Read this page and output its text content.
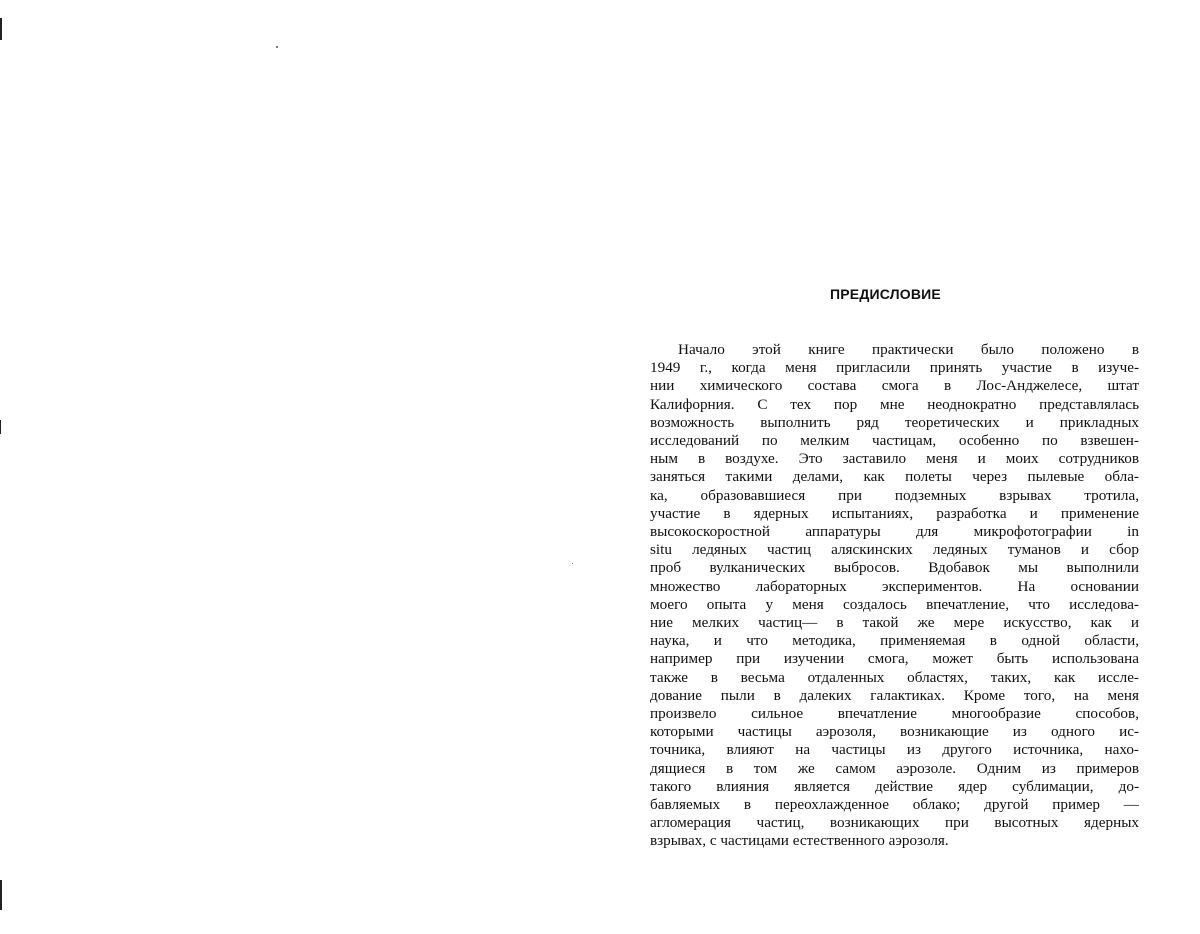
ПРЕДИСЛОВИЕ
Начало этой книге практически было положено в
1949 г., когда меня пригласили принять участие в изуче-
нии химического состава смога в Лос-Анджелесе, штат
Калифорния. С тех пор мне неоднократно представлялась
возможность выполнить ряд теоретических и прикладных
исследований по мелким частицам, особенно по взвешен-
ным в воздухе. Это заставило меня и моих сотрудников
заняться такими делами, как полеты через пылевые обла-
ка, образовавшиеся при подземных взрывах тротила,
участие в ядерных испытаниях, разработка и применение
высокоскоростной аппаратуры для микрофотографии in
situ ледяных частиц аляскинских ледяных туманов и сбор
проб вулканических выбросов. Вдобавок мы выполнили
множество лабораторных экспериментов. На основании
моего опыта у меня создалось впечатление, что исследова-
ние мелких частиц— в такой же мере искусство, как и
наука, и что методика, применяемая в одной области,
например при изучении смога, может быть использована
также в весьма отдаленных областях, таких, как иссле-
дование пыли в далеких галактиках. Кроме того, на меня
произвело сильное впечатление многообразие способов,
которыми частицы аэрозоля, возникающие из одного ис-
точника, влияют на частицы из другого источника, нахо-
дящиеся в том же самом аэрозоле. Одним из примеров
такого влияния является действие ядер сублимации, до-
бавляемых в переохлажденное облако; другой пример —
агломерация частиц, возникающих при высотных ядерных
взрывах, с частицами естественного аэрозоля.
